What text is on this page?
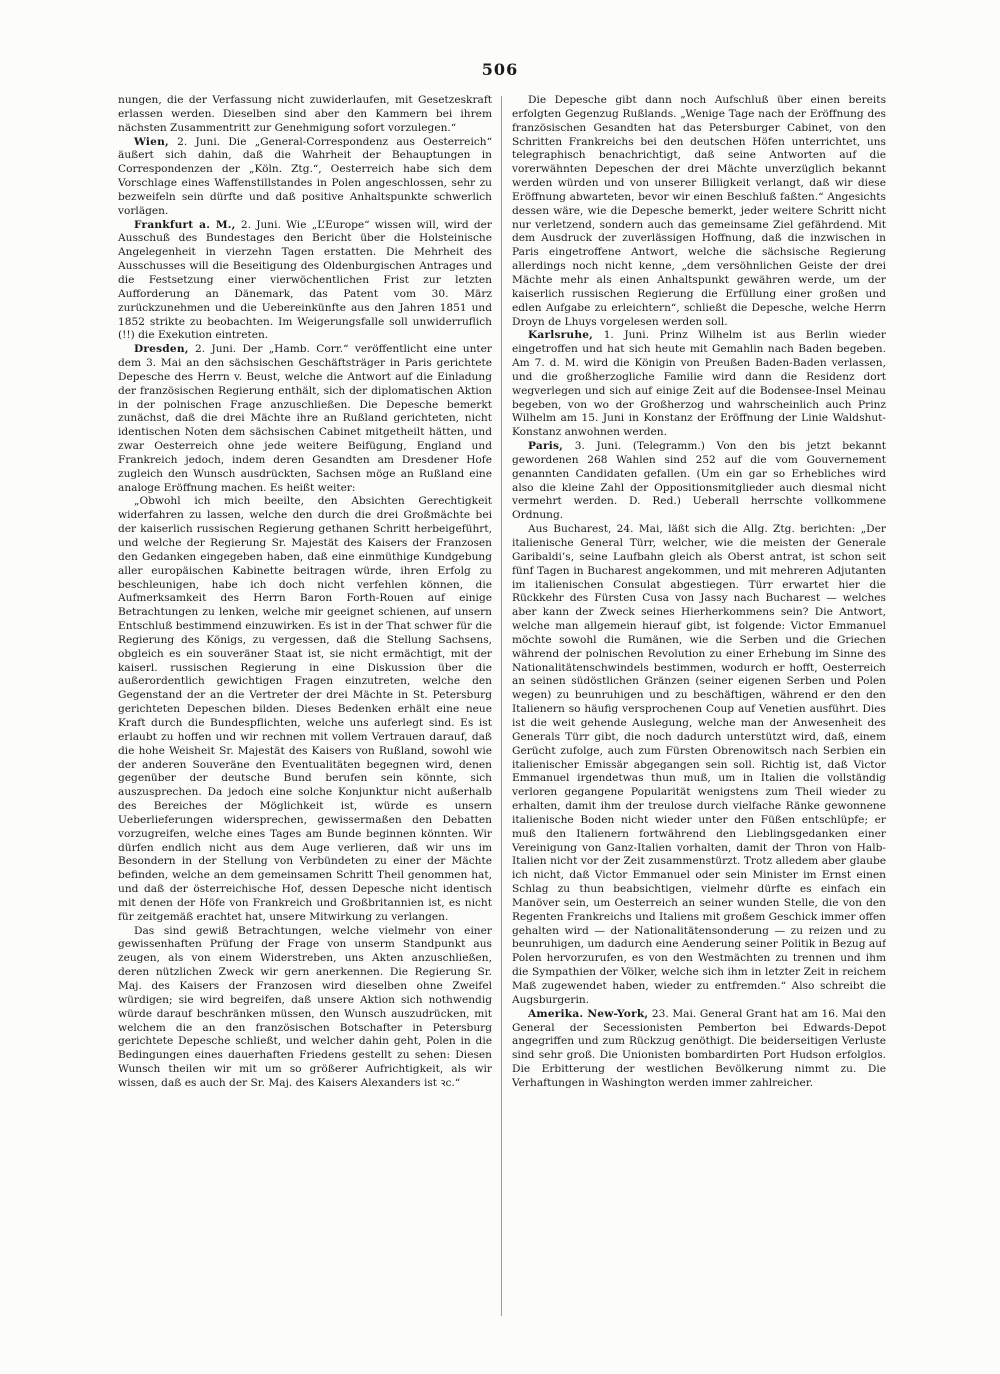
506

nungen, die der Verfassung nicht zuwiderlaufen, mit Gesetzeskraft erlassen werden. Dieselben sind aber den Kammern bei ihrem nächsten Zusammentritt zur Genehmigung sofort vorzulegen.“

Wien, 2. Juni. Die „General-Correspondenz aus Oesterreich“ äußert sich dahin, daß die Wahrheit der Behauptungen in Correspondenzen der „Köln. Ztg.“, Oesterreich habe sich dem Vorschlage eines Waffenstillstandes in Polen angeschlossen, sehr zu bezweifeln sein dürfte und daß positive Anhaltspunkte schwerlich vorlägen.

Frankfurt a. M., 2. Juni. Wie „L’Europe“ wissen will, wird der Ausschuß des Bundestages den Bericht über die Holsteinische Angelegenheit in vierzehn Tagen erstatten. Die Mehrheit des Ausschusses will die Beseitigung des Oldenburgischen Antrages und die Festsetzung einer vierwöchentlichen Frist zur letzten Aufforderung an Dänemark, das Patent vom 30. März zurückzunehmen und die Uebereinkünfte aus den Jahren 1851 und 1852 strikte zu beobachten. Im Weigerungsfalle soll unwiderruflich (!!) die Exekution eintreten.

Dresden, 2. Juni. Der „Hamb. Corr.“ veröffentlicht eine unter dem 3. Mai an den sächsischen Geschäftsträger in Paris gerichtete Depesche des Herrn v. Beust, welche die Antwort auf die Einladung der französischen Regierung enthält, sich der diplomatischen Aktion in der polnischen Frage anzuschließen. Die Depesche bemerkt zunächst, daß die drei Mächte ihre an Rußland gerichteten, nicht identischen Noten dem sächsischen Cabinet mitgetheilt hätten, und zwar Oesterreich ohne jede weitere Beifügung, England und Frankreich jedoch, indem deren Gesandten am Dresdener Hofe zugleich den Wunsch ausdrückten, Sachsen möge an Rußland eine analoge Eröffnung machen. Es heißt weiter:

„Obwohl ich mich beeilte, den Absichten Gerechtigkeit widerfahren zu lassen, welche den durch die drei Großmächte bei der kaiserlich russischen Regierung gethanen Schritt herbeigeführt, und welche der Regierung Sr. Majestät des Kaisers der Franzosen den Gedanken eingegeben haben, daß eine einmüthige Kundgebung aller europäischen Kabinette beitragen würde, ihren Erfolg zu beschleunigen, habe ich doch nicht verfehlen können, die Aufmerksamkeit des Herrn Baron Forth-Rouen auf einige Betrachtungen zu lenken, welche mir geeignet schienen, auf unsern Entschluß bestimmend einzuwirken. Es ist in der That schwer für die Regierung des Königs, zu vergessen, daß die Stellung Sachsens, obgleich es ein souveräner Staat ist, sie nicht ermächtigt, mit der kaiserl. russischen Regierung in eine Diskussion über die außerordentlich gewichtigen Fragen einzutreten, welche den Gegenstand der an die Vertreter der drei Mächte in St. Petersburg gerichteten Depeschen bilden. Dieses Bedenken erhält eine neue Kraft durch die Bundespflichten, welche uns auferlegt sind. Es ist erlaubt zu hoffen und wir rechnen mit vollem Vertrauen darauf, daß die hohe Weisheit Sr. Majestät des Kaisers von Rußland, sowohl wie der anderen Souveräne den Eventualitäten begegnen wird, denen gegenüber der deutsche Bund berufen sein könnte, sich auszusprechen. Da jedoch eine solche Konjunktur nicht außerhalb des Bereiches der Möglichkeit ist, würde es unsern Ueberlieferungen widersprechen, gewissermaßen den Debatten vorzugreifen, welche eines Tages am Bunde beginnen könnten. Wir dürfen endlich nicht aus dem Auge verlieren, daß wir uns im Besondern in der Stellung von Verbündeten zu einer der Mächte befinden, welche an dem gemeinsamen Schritt Theil genommen hat, und daß der österreichische Hof, dessen Depesche nicht identisch mit denen der Höfe von Frankreich und Großbritannien ist, es nicht für zeitgemäß erachtet hat, unsere Mitwirkung zu verlangen.

Das sind gewiß Betrachtungen, welche vielmehr von einer gewissenhaften Prüfung der Frage von unserm Standpunkt aus zeugen, als von einem Widerstreben, uns Akten anzuschließen, deren nützlichen Zweck wir gern anerkennen. Die Regierung Sr. Maj. des Kaisers der Franzosen wird dieselben ohne Zweifel würdigen; sie wird begreifen, daß unsere Aktion sich nothwendig würde darauf beschränken müssen, den Wunsch auszudrücken, mit welchem die an den französischen Botschafter in Petersburg gerichtete Depesche schließt, und welcher dahin geht, Polen in die Bedingungen eines dauerhaften Friedens gestellt zu sehen: Diesen Wunsch theilen wir mit um so größerer Aufrichtigkeit, als wir wissen, daß es auch der Sr. Maj. des Kaisers Alexanders ist ꝛc.“

Die Depesche gibt dann noch Aufschluß über einen bereits erfolgten Gegenzug Rußlands. „Wenige Tage nach der Eröffnung des französischen Gesandten hat das Petersburger Cabinet, von den Schritten Frankreichs bei den deutschen Höfen unterrichtet, uns telegraphisch benachrichtigt, daß seine Antworten auf die vorerwähnten Depeschen der drei Mächte unverzüglich bekannt werden würden und von unserer Billigkeit verlangt, daß wir diese Eröffnung abwarteten, bevor wir einen Beschluß faßten.“ Angesichts dessen wäre, wie die Depesche bemerkt, jeder weitere Schritt nicht nur verletzend, sondern auch das gemeinsame Ziel gefährdend. Mit dem Ausdruck der zuverlässigen Hoffnung, daß die inzwischen in Paris eingetroffene Antwort, welche die sächsische Regierung allerdings noch nicht kenne, „dem versöhnlichen Geiste der drei Mächte mehr als einen Anhaltspunkt gewähren werde, um der kaiserlich russischen Regierung die Erfüllung einer großen und edlen Aufgabe zu erleichtern“, schließt die Depesche, welche Herrn Droyn de Lhuys vorgelesen werden soll.

Karlsruhe, 1. Juni. Prinz Wilhelm ist aus Berlin wieder eingetroffen und hat sich heute mit Gemahlin nach Baden begeben. Am 7. d. M. wird die Königin von Preußen Baden-Baden verlassen, und die großherzogliche Familie wird dann die Residenz dort wegverlegen und sich auf einige Zeit auf die Bodensee-Insel Meinau begeben, von wo der Großherzog und wahrscheinlich auch Prinz Wilhelm am 15. Juni in Konstanz der Eröffnung der Linie Waldshut-Konstanz anwohnen werden.

Paris, 3. Juni. (Telegramm.) Von den bis jetzt bekannt gewordenen 268 Wahlen sind 252 auf die vom Gouvernement genannten Candidaten gefallen. (Um ein gar so Erhebliches wird also die kleine Zahl der Oppositionsmitglieder auch diesmal nicht vermehrt werden. D. Red.) Ueberall herrschte vollkommene Ordnung.

Aus Bucharest, 24. Mai, läßt sich die Allg. Ztg. berichten: „Der italienische General Türr, welcher, wie die meisten der Generale Garibaldi’s, seine Laufbahn gleich als Oberst antrat, ist schon seit fünf Tagen in Bucharest angekommen, und mit mehreren Adjutanten im italienischen Consulat abgestiegen. Türr erwartet hier die Rückkehr des Fürsten Cusa von Jassy nach Bucharest — welches aber kann der Zweck seines Hierherkommens sein? Die Antwort, welche man allgemein hierauf gibt, ist folgende: Victor Emmanuel möchte sowohl die Rumänen, wie die Serben und die Griechen während der polnischen Revolution zu einer Erhebung im Sinne des Nationalitätenschwindels bestimmen, wodurch er hofft, Oesterreich an seinen südöstlichen Gränzen (seiner eigenen Serben und Polen wegen) zu beunruhigen und zu beschäftigen, während er den den Italienern so häufig versprochenen Coup auf Venetien ausführt. Dies ist die weit gehende Auslegung, welche man der Anwesenheit des Generals Türr gibt, die noch dadurch unterstützt wird, daß, einem Gerücht zufolge, auch zum Fürsten Obrenowitsch nach Serbien ein italienischer Emissär abgegangen sein soll. Richtig ist, daß Victor Emmanuel irgendetwas thun muß, um in Italien die vollständig verloren gegangene Popularität wenigstens zum Theil wieder zu erhalten, damit ihm der treulose durch vielfache Ränke gewonnene italienische Boden nicht wieder unter den Füßen entschlüpfe; er muß den Italienern fortwährend den Lieblingsgedanken einer Vereinigung von Ganz-Italien vorhalten, damit der Thron von Halb-Italien nicht vor der Zeit zusammenstürzt. Trotz alledem aber glaube ich nicht, daß Victor Emmanuel oder sein Minister im Ernst einen Schlag zu thun beabsichtigen, vielmehr dürfte es einfach ein Manöver sein, um Oesterreich an seiner wunden Stelle, die von den Regenten Frankreichs und Italiens mit großem Geschick immer offen gehalten wird — der Nationalitätensonderung — zu reizen und zu beunruhigen, um dadurch eine Aenderung seiner Politik in Bezug auf Polen hervorzurufen, es von den Westmächten zu trennen und ihm die Sympathien der Völker, welche sich ihm in letzter Zeit in reichem Maß zugewendet haben, wieder zu entfremden.“ Also schreibt die Augsburgerin.

Amerika. New-York, 23. Mai. General Grant hat am 16. Mai den General der Secessionisten Pemberton bei Edwards-Depot angegriffen und zum Rückzug genöthigt. Die beiderseitigen Verluste sind sehr groß. Die Unionisten bombardirten Port Hudson erfolglos. Die Erbitterung der westlichen Bevölkerung nimmt zu. Die Verhaftungen in Washington werden immer zahlreicher.
